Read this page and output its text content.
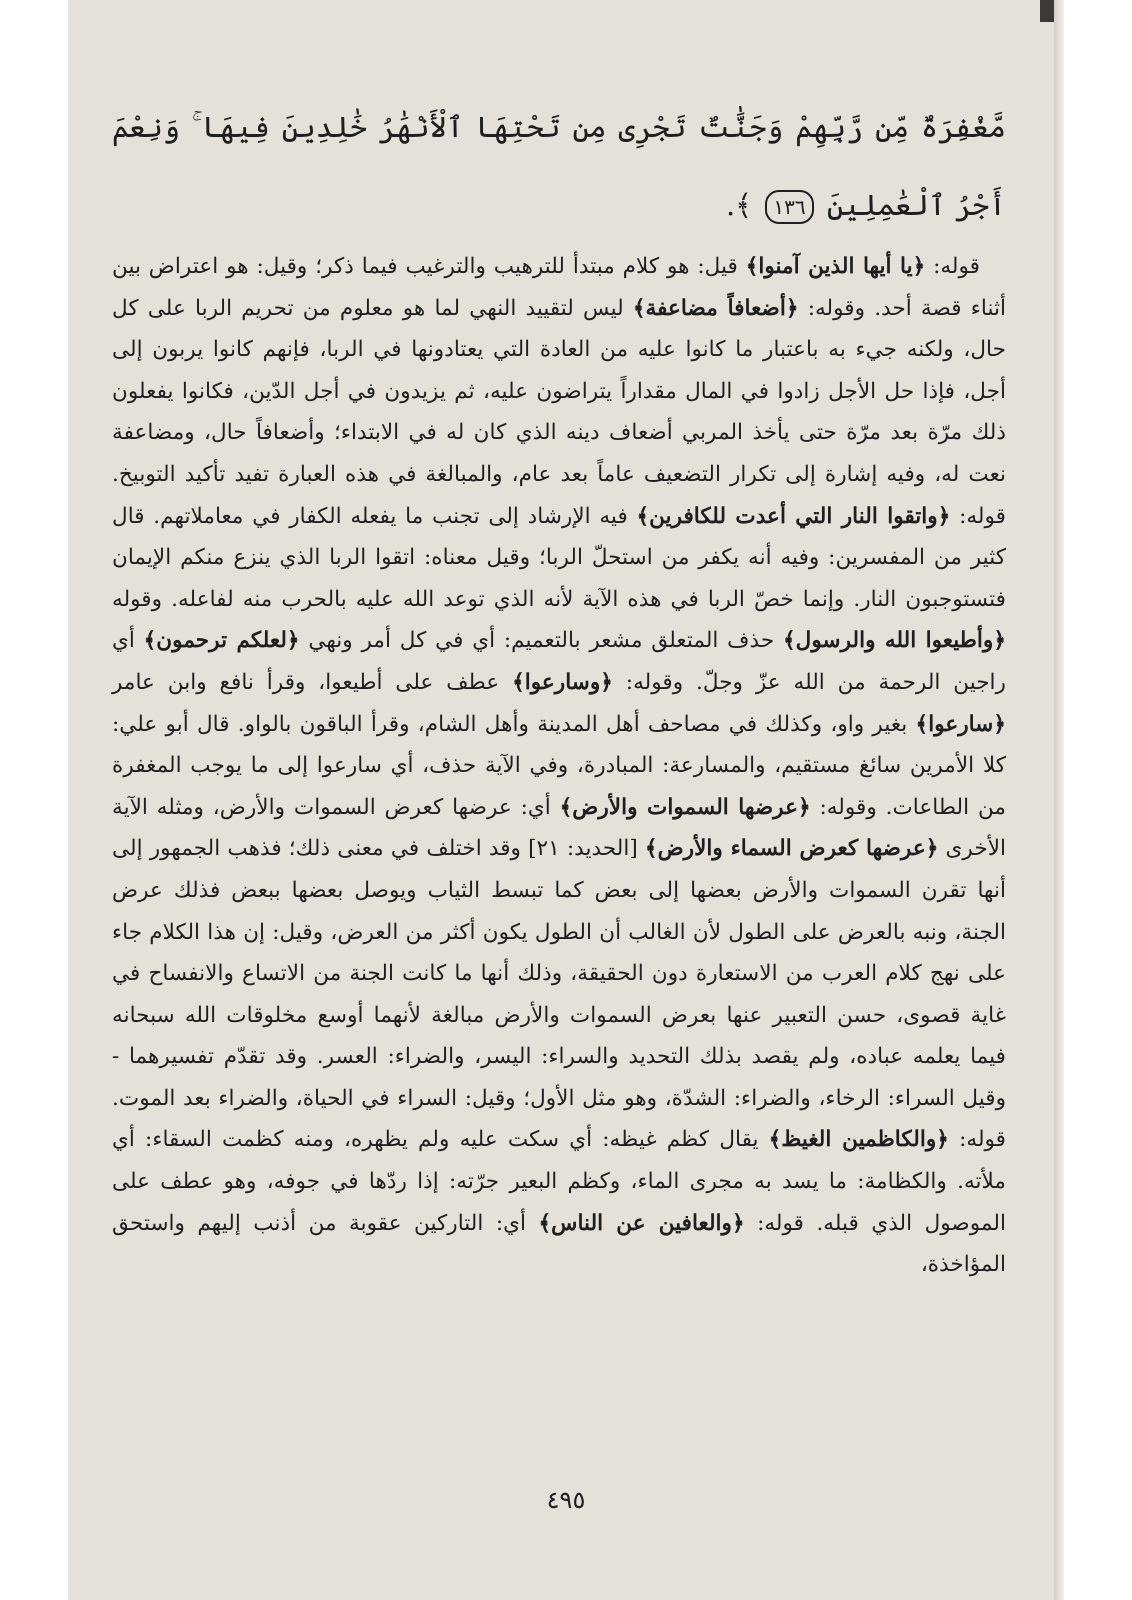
مَّغْفِرَةٌ مِّن رَّبِّهِمْ وَجَنَّٰتٌ تَجْرِى مِن تَحْتِهَا ٱلْأَنْهَٰرُ خَٰلِدِينَ فِيهَا ۚ وَنِعْمَ أَجْرُ ٱلْعَٰمِلِينَ ١٣٦ ﴾.

قوله: ﴿يا أيها الذين آمنوا﴾ قيل: هو كلام مبتدأ للترهيب والترغيب فيما ذكر؛ وقيل: هو اعتراض بين أثناء قصة أحد. وقوله: ﴿أضعافاً مضاعفة﴾ ليس لتقييد النهي لما هو معلوم من تحريم الربا على كل حال، ولكنه جيء به باعتبار ما كانوا عليه من العادة التي يعتادونها في الربا، فإنهم كانوا يربون إلى أجل، فإذا حل الأجل زادوا في المال مقداراً يتراضون عليه، ثم يزيدون في أجل الدّين، فكانوا يفعلون ذلك مرّة بعد مرّة حتى يأخذ المربي أضعاف دينه الذي كان له في الابتداء؛ وأضعافاً حال، ومضاعفة نعت له، وفيه إشارة إلى تكرار التضعيف عاماً بعد عام، والمبالغة في هذه العبارة تفيد تأكيد التوبيخ. قوله: ﴿واتقوا النار التي أعدت للكافرين﴾ فيه الإرشاد إلى تجنب ما يفعله الكفار في معاملاتهم. قال كثير من المفسرين: وفيه أنه يكفر من استحلّ الربا؛ وقيل معناه: اتقوا الربا الذي ينزع منكم الإيمان فتستوجبون النار. وإنما خصّ الربا في هذه الآية لأنه الذي توعد الله عليه بالحرب منه لفاعله. وقوله ﴿وأطيعوا الله والرسول﴾ حذف المتعلق مشعر بالتعميم: أي في كل أمر ونهي ﴿لعلكم ترحمون﴾ أي راجين الرحمة من الله عزّ وجلّ. وقوله: ﴿وسارعوا﴾ عطف على أطيعوا، وقرأ نافع وابن عامر ﴿سارعوا﴾ بغير واو، وكذلك في مصاحف أهل المدينة وأهل الشام، وقرأ الباقون بالواو. قال أبو علي: كلا الأمرين سائغ مستقيم، والمسارعة: المبادرة، وفي الآية حذف، أي سارعوا إلى ما يوجب المغفرة من الطاعات. وقوله: ﴿عرضها السموات والأرض﴾ أي: عرضها كعرض السموات والأرض، ومثله الآية الأخرى ﴿عرضها كعرض السماء والأرض﴾ [الحديد: ٢١] وقد اختلف في معنى ذلك؛ فذهب الجمهور إلى أنها تقرن السموات والأرض بعضها إلى بعض كما تبسط الثياب ويوصل بعضها ببعض فذلك عرض الجنة، ونبه بالعرض على الطول لأن الغالب أن الطول يكون أكثر من العرض، وقيل: إن هذا الكلام جاء على نهج كلام العرب من الاستعارة دون الحقيقة، وذلك أنها ما كانت الجنة من الاتساع والانفساح في غاية قصوى، حسن التعبير عنها بعرض السموات والأرض مبالغة لأنهما أوسع مخلوقات الله سبحانه فيما يعلمه عباده، ولم يقصد بذلك التحديد والسراء: اليسر، والضراء: العسر. وقد تقدّم تفسيرهما - وقيل السراء: الرخاء، والضراء: الشدّة، وهو مثل الأول؛ وقيل: السراء في الحياة، والضراء بعد الموت. قوله: ﴿والكاظمين الغيظ﴾ يقال كظم غيظه: أي سكت عليه ولم يظهره، ومنه كظمت السقاء: أي ملأته. والكظامة: ما يسد به مجرى الماء، وكظم البعير جرّته: إذا ردّها في جوفه، وهو عطف على الموصول الذي قبله. قوله: ﴿والعافين عن الناس﴾ أي: التاركين عقوبة من أذنب إليهم واستحق المؤاخذة،

٤٩٥
